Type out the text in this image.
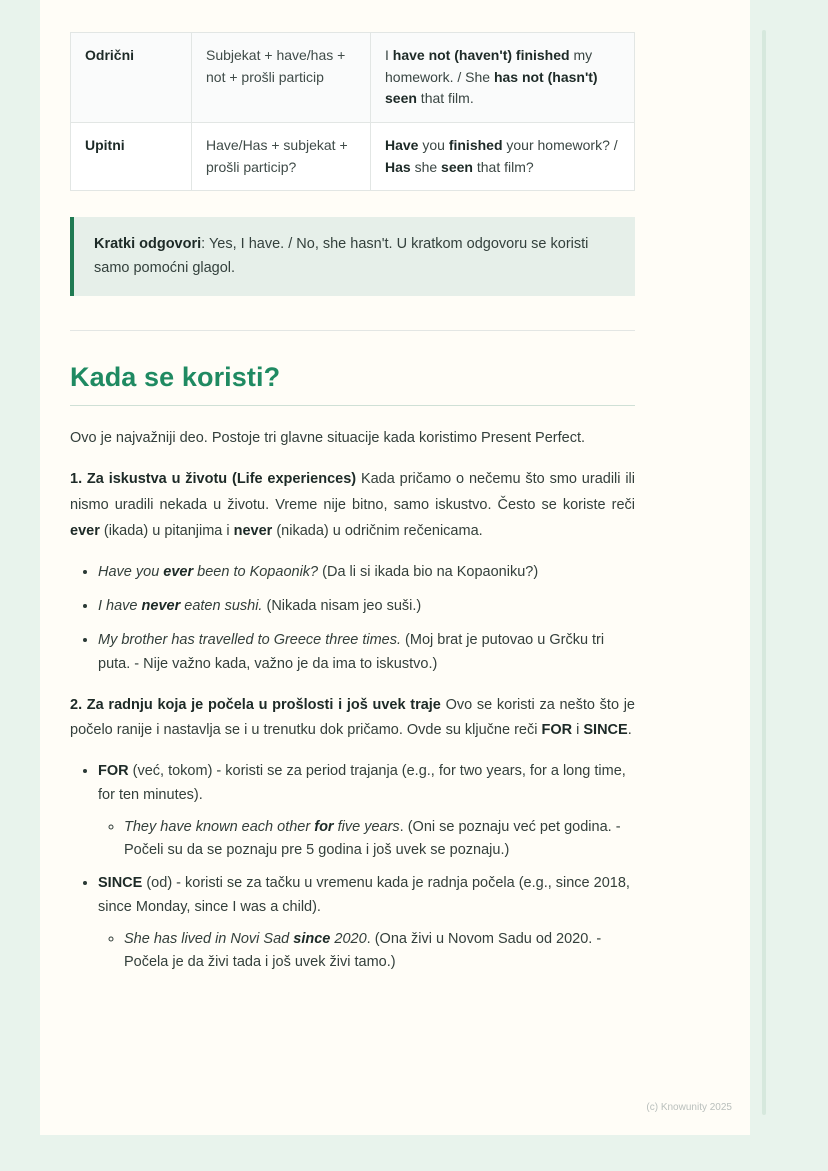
Odrični	Subjekat + have/has + not + prošli particip	I have not (haven't) finished my homework. / She has not (hasn't) seen that film.
Upitni	Have/Has + subjekat + prošli particip?	Have you finished your homework? / Has she seen that film?
Kratki odgovori: Yes, I have. / No, she hasn't. U kratkom odgovoru se koristi samo pomoćni glagol.
Kada se koristi?

Ovo je najvažniji deo. Postoje tri glavne situacije kada koristimo Present Perfect.

1. Za iskustva u životu (Life experiences) Kada pričamo o nečemu što smo uradili ili nismo uradili nekada u životu. Vreme nije bitno, samo iskustvo. Često se koriste reči ever (ikada) u pitanjima i never (nikada) u odričnim rečenicama.

• Have you ever been to Kopaonik? (Da li si ikada bio na Kopaoniku?)
• I have never eaten sushi. (Nikada nisam jeo suši.)
• My brother has travelled to Greece three times. (Moj brat je putovao u Grčku tri puta. - Nije važno kada, važno je da ima to iskustvo.)

2. Za radnju koja je počela u prošlosti i još uvek traje Ovo se koristi za nešto što je počelo ranije i nastavlja se i u trenutku dok pričamo. Ovde su ključne reči FOR i SINCE.

• FOR (već, tokom) - koristi se za period trajanja (e.g., for two years, for a long time, for ten minutes).
◦ They have known each other for five years. (Oni se poznaju već pet godina. - Počeli su da se poznaju pre 5 godina i još uvek se poznaju.)
• SINCE (od) - koristi se za tačku u vremenu kada je radnja počela (e.g., since 2018, since Monday, since I was a child).
◦ She has lived in Novi Sad since 2020. (Ona živi u Novom Sadu od 2020. - Počela je da živi tada i još uvek živi tamo.)
(c) Knowunity 2025
